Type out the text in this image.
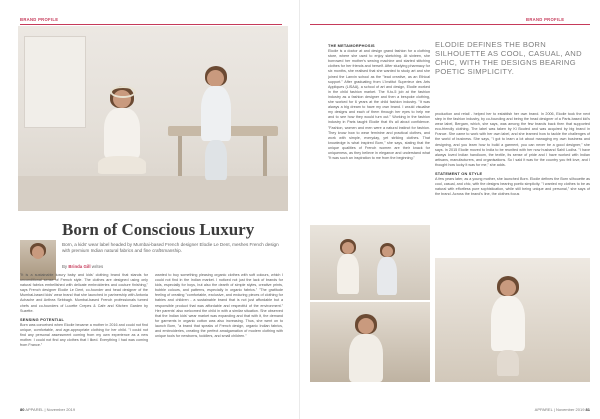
BRAND PROFILE
Born of Conscious Luxury
Born, a kids' wear label headed by Mumbai-based French designer Elodie Le Dent, meshes French design with premium Indian natural fabrics and fine craftsmanship.
By Brinda Gill writes

"It is a sustainable luxury baby and kids' clothing brand that stands for unconditional sense of French style. The clothes are designed using only natural fabrics embellished with delicate embroideries and couture finishing," says French designer Elodie Le Dent, co-founder and head designer of the Mumbai-based kids' wear brand that she launched in partnership with Antonia Achache and Anthea Sebbagh. Mumbai-based French professionals turned chefs and co-founders of Lucette Crepes & Cafe and Kitchen Garden by Suzette.

SENSING POTENTIAL

Born was conceived when Elodie became a mother in 2016 and could not find unique, comfortable, and age-appropriate clothing for her child. "I could not find any personal assessment coming from my own experience as a new mother. I could not find any clothes that I liked. Everything I had was coming from France."

wanted to buy something pleasing organic clothes with soft colours, which I could not find in the Indian market. I noticed not just the lack of brands for kids, especially for boys, but also the dearth of simple styles, creative prints, bubble colours, and patterns, especially in organic fabrics." "The gratitude feeling of creating "comfortable, exclusive, and enduring pieces of clothing for babies and children - a sustainable brand that is not just affordable but a responsible product that was affordable and respectful of the environment." Her parents' also welcomed the child in with a similar situation. She observed that the Indian kids' wear market was expanding and that with it, the demand for garments in organic cotton was also increasing. Thus, she went on to launch Born, "a brand that speaks of French design, organic Indian fabrics, and embroideries, creating the perfect amalgamation of modern clothing with unique tools for newborns, toddlers, and small children."

80 APPAREL | November 2019
BRAND PROFILE
THE METAMORPHOSIS

Elodie is a doctor at and design grand fashion for a clothing store, where she used to enjoy sketching. At sixteen, she borrowed her mother's sewing machine and started stitching clothes for her friends and herself. After studying pharmacy for six months, she realised that she wanted to study art and she joined the Lanvin school as the "lead creative, as an Ethical support." After graduating from L'Institut Superieur des Arts Appliques (LISAA), a school of art and design, Elodie worked in the child fashion market. The 9-to-5 job at the fashion industry as a fashion designer and then a bespoke clothing, she worked for 6 years at the child fashion industry. "It was always a big dream to have my own brand. I would visualise my designs and each of them through her eyes to help me and to see how they would turn out." Working in the fashion industry in Paris taught Elodie that it's all about confidence. "Fashion, women and men were a natural instinct for fashion. They know how to wear feminine and practical clothes, and work with simple, everyday, yet striking clothes. That knowledge is what inspired Born," she says, stating that the unique qualities of French women are their knack for uniqueness, as they believe in elegance and understand what "It was such an inspiration to me from the beginning."

ELODIE DEFINES THE BORN SILHOUETTE AS COOL, CASUAL, AND CHIC, WITH THE DESIGNS BEARING POETIC SIMPLICITY.

production and retail - helped her to establish her own brand. In 2006, Elodie took the next step in the fashion industry, by co-founding and being the head designer of a Paris-based kid's wear label, Bergam, which, she says, was among the few brands back then that supported eco-friendly clothing. The label was taken by Ki Bouted and was acquired by big brand in France. She came to work with her own label, and she learned how to tackle the challenges of the world of business. She says, "I got to learn a lot about managing my own business and designing, and you learn how to build a garment, you can never be a good designer," she says. In 2015 Elodie moved to India to be reunited with her now husband Sahil Lodha. "I have always loved Indian handloom, the textile, its sense of pride and I have worked with Indian artisans, manufacturers, and organisations. So I said it was for the country you felt love, and I thought how lucky it was for me," she adds.

STATEMENT ON STYLE

A few years later, as a young mother, she launched Born. Elodie defines the Born silhouette as cool, casual, and chic, with the designs bearing poetic simplicity. "I wanted my clothes to be as natural with effortless pure sophistication, while still being unique and personal," she says of the brand. Across the brand's line, the clothes focus

APPAREL | November 2019 81
